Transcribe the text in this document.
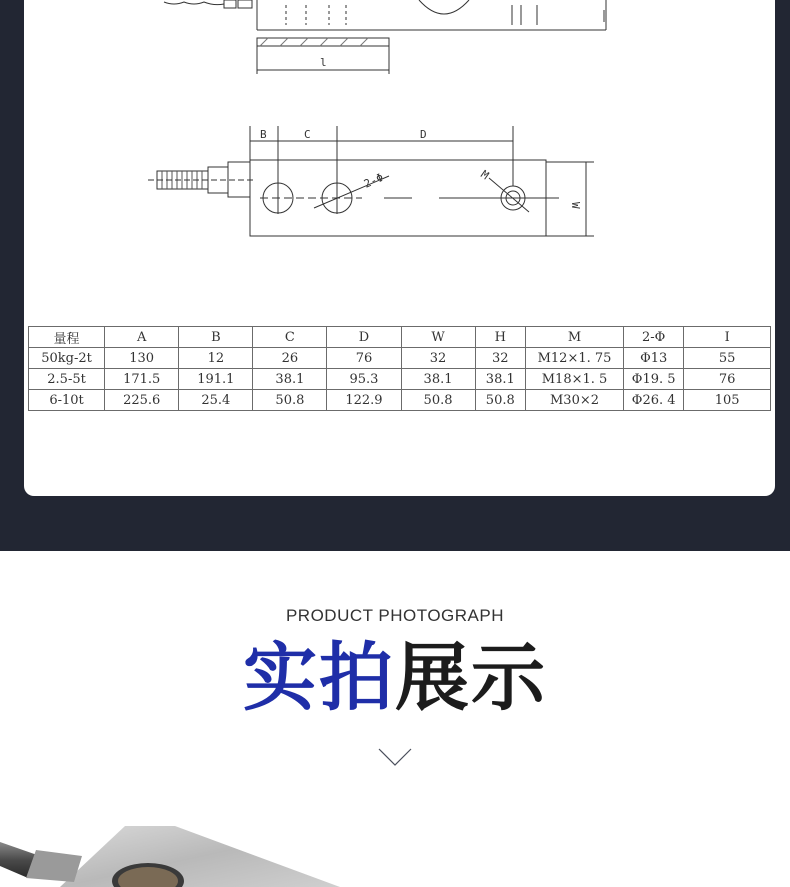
l
B	C	D
2-Φ	M
W
量程	A	B	C	D	W	H	M	2-Φ	I
50kg-2t	130	12	26	76	32	32	M12×1. 75	Φ13	55
2.5-5t	171.5	191.1	38.1	95.3	38.1	38.1	M18×1. 5	Φ19. 5	76
6-10t	225.6	25.4	50.8	122.9	50.8	50.8	M30×2	Φ26. 4	105
PRODUCT PHOTOGRAPH
实拍展示
